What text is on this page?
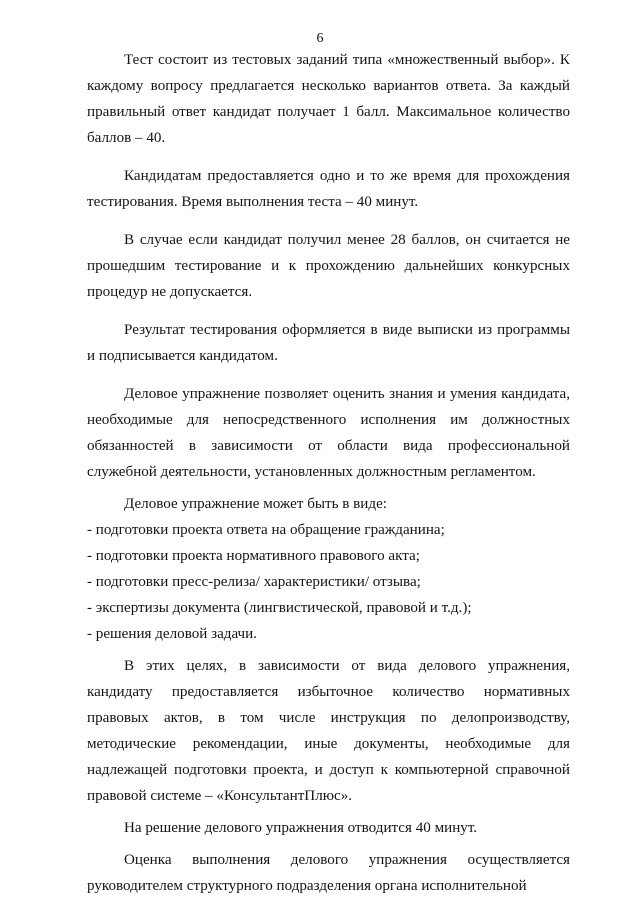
6

Тест состоит из тестовых заданий типа «множественный выбор». К каждому вопросу предлагается несколько вариантов ответа. За каждый правильный ответ кандидат получает 1 балл. Максимальное количество баллов – 40.

Кандидатам предоставляется одно и то же время для прохождения тестирования. Время выполнения теста – 40 минут.

В случае если кандидат получил менее 28 баллов, он считается не прошедшим тестирование и к прохождению дальнейших конкурсных процедур не допускается.

Результат тестирования оформляется в виде выписки из программы и подписывается кандидатом.

Деловое упражнение позволяет оценить знания и умения кандидата, необходимые для непосредственного исполнения им должностных обязанностей в зависимости от области вида профессиональной служебной деятельности, установленных должностным регламентом.

Деловое упражнение может быть в виде:

- подготовки проекта ответа на обращение гражданина;

- подготовки проекта нормативного правового акта;

- подготовки пресс-релиза/ характеристики/ отзыва;

- экспертизы документа (лингвистической, правовой и т.д.);

- решения деловой задачи.

В этих целях, в зависимости от вида делового упражнения, кандидату предоставляется избыточное количество нормативных правовых актов, в том числе инструкция по делопроизводству, методические рекомендации, иные документы, необходимые для надлежащей подготовки проекта, и доступ к компьютерной справочной правовой системе – «КонсультантПлюс».

На решение делового упражнения отводится 40 минут.

Оценка выполнения делового упражнения осуществляется руководителем структурного подразделения органа исполнительной
